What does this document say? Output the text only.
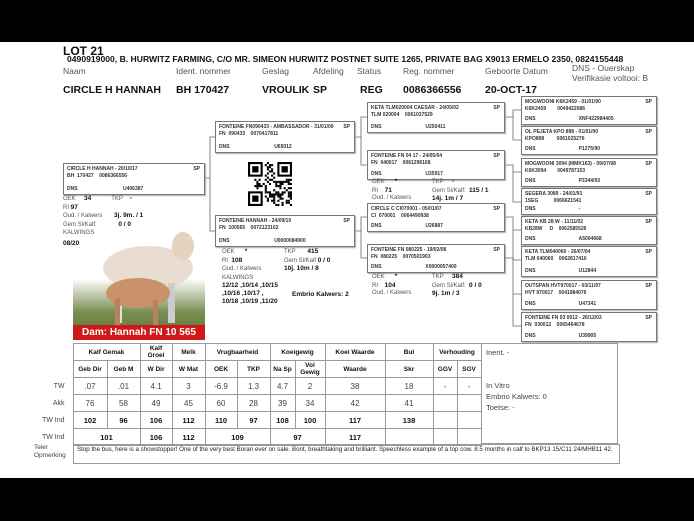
LOT 21
0490919000, B. HURWITZ FARMING, C/O MR. SIMEON HURWITZ POSTNET SUITE 1265, PRIVATE BAG X9013 ERMELO 2350, 0824155448
Naam	Ident. nommer	Geslag	Afdeling Status	Reg. nommer	Geboorte Datum	DNS - Ouerskap
Verifikasie voltooi: B
CIRCLE H HANNAH BH 170427	VROULIK SP	REG 0086366556 20-OCT-17
CIRCLE H HANNAH - 20/10/17	SP
BH  170427    0086366556
DNS	U406387
FONTEINE FN090433 - AMBASSADOR - 31/01/09	SP
FN  090433    0070417811
DNS	U65012
FONTEINE HANNAH - 24/09/10	SP
FN  100565    0072123102
DNS	U0000084900
KETA TLM020004 CAESAR - 24/05/02	SP
TLM 020004    0061037529
DNS	U250411
FONTEINE FN 04 17 - 24/05/04	SP
FN  040017    0061296168
DNS	U35917
CIRCLE C CI070001 - 05/01/07	SP
CI  070001    0064490938
DNS	U26887
FONTEINE FN 080225 - 19/02/08	SP
FN  080225    0070501903
DNS	X0000057400
MOGWOONI K6K2459 - 01/01/90	SP
K6K2459        0049422686
DNS	XNF422984405
OL PEJETA KPO 898 - 01/01/90	SP
KPO898         0061025276
DNS	P1275/90
MOGWOONI 3094 (MMK163) - 09/07/98	SP
K6K3094        0049787153
DNS	P3344/93
SEGERA 3089 - 24/01/91	SP
1SEG           0066621541
DNS	-
KETA KB 28 W - 11/11/02	SP
KB28W     D    0062585526
DNS	A5004668
KETA TLM040060 - 26/07/04	SP
TLM 040060    0062817416
DNS	U12844
OUTSPAN HVT970017 - 03/11/97	SP
HVT 970017    0041984076
DNS	U47341
FONTEINE FN 03 0012 - 26/12/03	SP
FN  030012    0065464678
DNS	U39905
Dam: Hannah FN 10 565
OEK 34	TKP -
RI 97
Oud. / Kalwers 3j. 9m. / 1
Gem Sl/Kalf:	0 / 0
KALWINGS
08/20
OEK *	TKP 415
RI 108	Gem Sl/Kalf 0 / 0
Oud. / Kalwers	10j. 10m / 8
KALWINGS
12/12 ,10/14 ,10/15
,10/16 ,10/17 ,
10/18 ,10/19 ,11/20
Embrio Kalwers: 2
OEK *	TKP -
RI 71	Gem Sl/Kalf: 115 / 1
Oud. / Kalwers	14j. 1m / 7
OEK *	TKP 384
RI 104	Gem Sl/Kalf: 0 / 0
Oud. / Kalwers	9j. 1m / 3
	Kalf Gemak		Kalf Groei	Melk	Vrugbaarheid		Koeigewig		Koei Waarde	Bul	Verhouding	
	Geb Dir	Geb M	W Dir	W Mat	OEK	TKP	Na Sp	Vol Gewig	Waarde	Skr	GGV	SGV
TW	.07	.01	4.1	3	-6.9	1.3	4.7	2	38	18	-	-
Akk	76	58	49	45	60	28	39	34	42	41		
TW Ind	102	96	106	112	110	97	108	100	117	138		
TW Ind	101		106	112	109		97		117			
Inent. -
In Vitro
Embrio Kalwers: 0
Toetse: -
Teler
Opmerking
Stop the bus, here is a showstopper! One of the very best Boran ever on sale. Bont, breathtaking and brilliant. Speechless example of a top cow. 8.5 months in calf to BKP13 15/C11 24/MHB11 42.
